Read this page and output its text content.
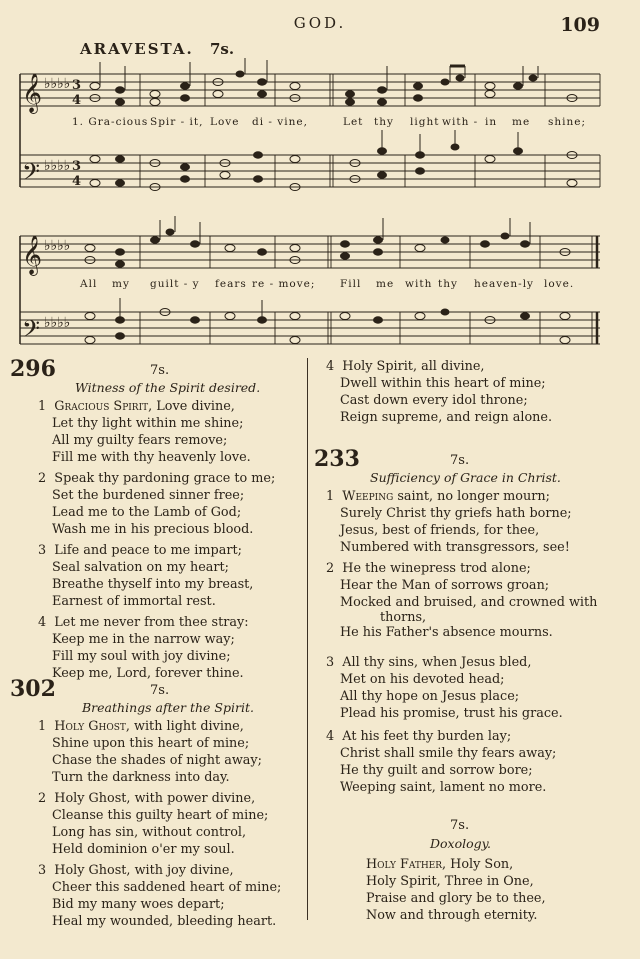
GOD.	109
ARAVESTA. 7s.
𝄞
𝄢
𝄞
𝄢
♭♭♭♭
♭♭♭♭
♭♭♭♭
♭♭♭♭
3
4
3
4
1. Gra-cious Spir - it, Love di - vine,	Let thy light with - in me shine;
All my guilt - y fears re - move; Fill me with thy heaven-ly love.
296	7s.
Witness of the Spirit desired.
1 Gracious Spirit, Love divine,
Let thy light within me shine;
All my guilty fears remove;
Fill me with thy heavenly love.
2 Speak thy pardoning grace to me;
Set the burdened sinner free;
Lead me to the Lamb of God;
Wash me in his precious blood.
3 Life and peace to me impart;
Seal salvation on my heart;
Breathe thyself into my breast,
Earnest of immortal rest.
4 Let me never from thee stray:
Keep me in the narrow way;
Fill my soul with joy divine;
Keep me, Lord, forever thine.
302	7s.
Breathings after the Spirit.
1 Holy Ghost, with light divine,
Shine upon this heart of mine;
Chase the shades of night away;
Turn the darkness into day.
2 Holy Ghost, with power divine,
Cleanse this guilty heart of mine;
Long has sin, without control,
Held dominion o'er my soul.
3 Holy Ghost, with joy divine,
Cheer this saddened heart of mine;
Bid my many woes depart;
Heal my wounded, bleeding heart.
4 Holy Spirit, all divine,
Dwell within this heart of mine;
Cast down every idol throne;
Reign supreme, and reign alone.
233	7s.
Sufficiency of Grace in Christ.
1 Weeping saint, no longer mourn;
Surely Christ thy griefs hath borne;
Jesus, best of friends, for thee,
Numbered with transgressors, see!
2 He the winepress trod alone;
Hear the Man of sorrows groan;
Mocked and bruised, and crowned with
thorns,
He his Father's absence mourns.
3 All thy sins, when Jesus bled,
Met on his devoted head;
All thy hope on Jesus place;
Plead his promise, trust his grace.
4 At his feet thy burden lay;
Christ shall smile thy fears away;
He thy guilt and sorrow bore;
Weeping saint, lament no more.
7s.
Doxology.
Holy Father, Holy Son,
Holy Spirit, Three in One,
Praise and glory be to thee,
Now and through eternity.
